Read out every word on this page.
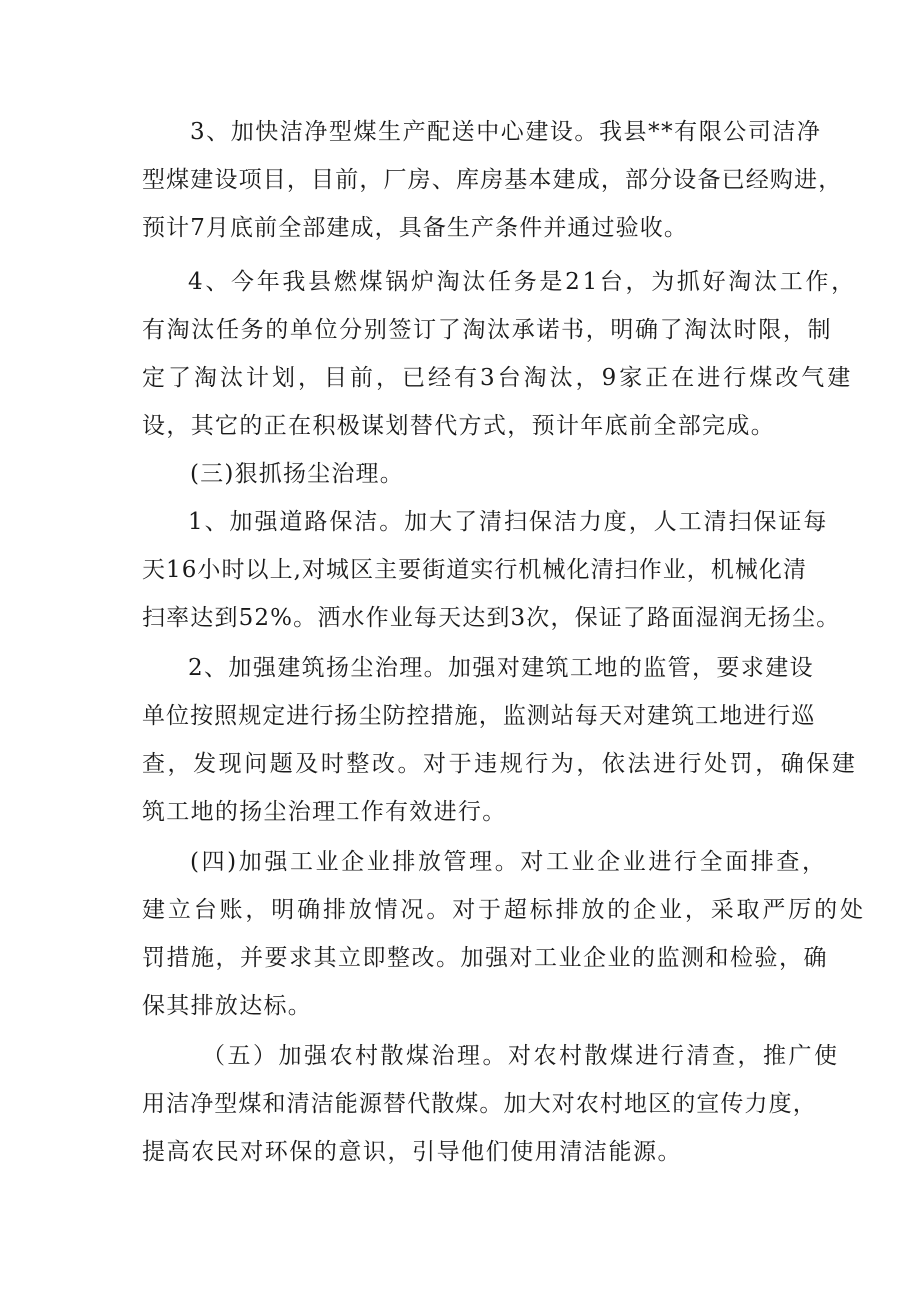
3、加快洁净型煤生产配送中心建设。我县**有限公司洁净
型煤建设项目，目前，厂房、库房基本建成，部分设备已经购进，
预计7月底前全部建成，具备生产条件并通过验收。
4、今年我县燃煤锅炉淘汰任务是21台，为抓好淘汰工作，
有淘汰任务的单位分别签订了淘汰承诺书，明确了淘汰时限，制
定了淘汰计划，目前，已经有3台淘汰，9家正在进行煤改气建
设，其它的正在积极谋划替代方式，预计年底前全部完成。
(三)狠抓扬尘治理。
1、加强道路保洁。加大了清扫保洁力度，人工清扫保证每
天16小时以上,对城区主要街道实行机械化清扫作业，机械化清
扫率达到52%。洒水作业每天达到3次，保证了路面湿润无扬尘。
2、加强建筑扬尘治理。加强对建筑工地的监管，要求建设
单位按照规定进行扬尘防控措施，监测站每天对建筑工地进行巡
查，发现问题及时整改。对于违规行为，依法进行处罚，确保建
筑工地的扬尘治理工作有效进行。
(四)加强工业企业排放管理。对工业企业进行全面排查，
建立台账，明确排放情况。对于超标排放的企业，采取严厉的处
罚措施，并要求其立即整改。加强对工业企业的监测和检验，确
保其排放达标。
（五）加强农村散煤治理。对农村散煤进行清查，推广使
用洁净型煤和清洁能源替代散煤。加大对农村地区的宣传力度，
提高农民对环保的意识，引导他们使用清洁能源。
